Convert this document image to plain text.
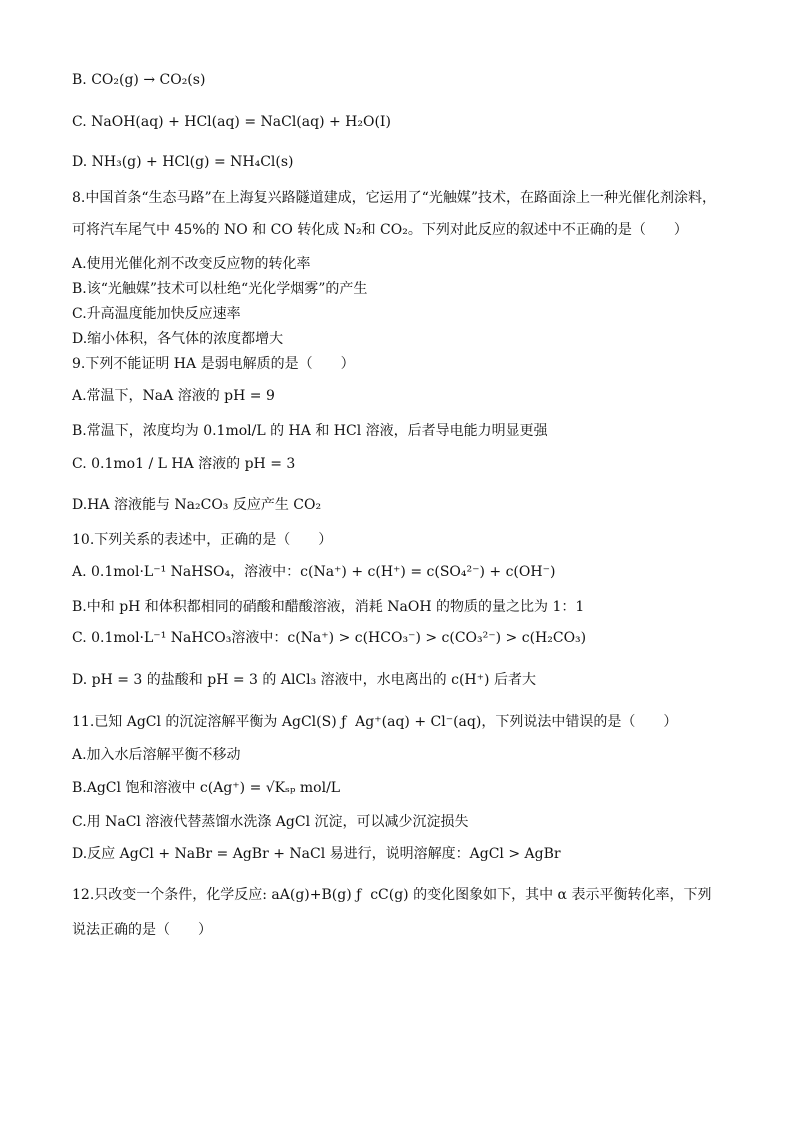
B. CO₂(g) → CO₂(s)
C. NaOH(aq) + HCl(aq) = NaCl(aq) + H₂O(I)
D. NH₃(g) + HCl(g) = NH₄Cl(s)
8.中国首条“生态马路”在上海复兴路隧道建成，它运用了“光触媒”技术，在路面涂上一种光催化剂涂料，
可将汽车尾气中 45%的 NO 和 CO 转化成 N₂和 CO₂。下列对此反应的叙述中不正确的是（　　）
A.使用光催化剂不改变反应物的转化率
B.该“光触媒”技术可以杜绝“光化学烟雾”的产生
C.升高温度能加快反应速率
D.缩小体积，各气体的浓度都增大
9.下列不能证明 HA 是弱电解质的是（　　）
A.常温下，NaA 溶液的 pH = 9
B.常温下，浓度均为 0.1mol/L 的 HA 和 HCl 溶液，后者导电能力明显更强
C. 0.1mo1 / L HA 溶液的 pH = 3
D.HA 溶液能与 Na₂CO₃ 反应产生 CO₂
10.下列关系的表述中，正确的是（　　）
A. 0.1mol·L⁻¹ NaHSO₄，溶液中：c(Na⁺) + c(H⁺) = c(SO₄²⁻) + c(OH⁻)
B.中和 pH 和体积都相同的硝酸和醋酸溶液，消耗 NaOH 的物质的量之比为 1：1
C. 0.1mol·L⁻¹ NaHCO₃溶液中：c(Na⁺) > c(HCO₃⁻) > c(CO₃²⁻) > c(H₂CO₃)
D. pH = 3 的盐酸和 pH = 3 的 AlCl₃ 溶液中，水电离出的 c(H⁺) 后者大
11.已知 AgCl 的沉淀溶解平衡为 AgCl(S) ƒ  Ag⁺(aq) + Cl⁻(aq)，下列说法中错误的是（　　）
A.加入水后溶解平衡不移动
B.AgCl 饱和溶液中 c(Ag⁺) = √Kₛₚ mol/L
C.用 NaCl 溶液代替蒸馏水洗涤 AgCl 沉淀，可以减少沉淀损失
D.反应 AgCl + NaBr = AgBr + NaCl 易进行，说明溶解度：AgCl > AgBr
12.只改变一个条件，化学反应: aA(g)+B(g) ƒ  cC(g) 的变化图象如下，其中 α 表示平衡转化率，下列
说法正确的是（　　）
